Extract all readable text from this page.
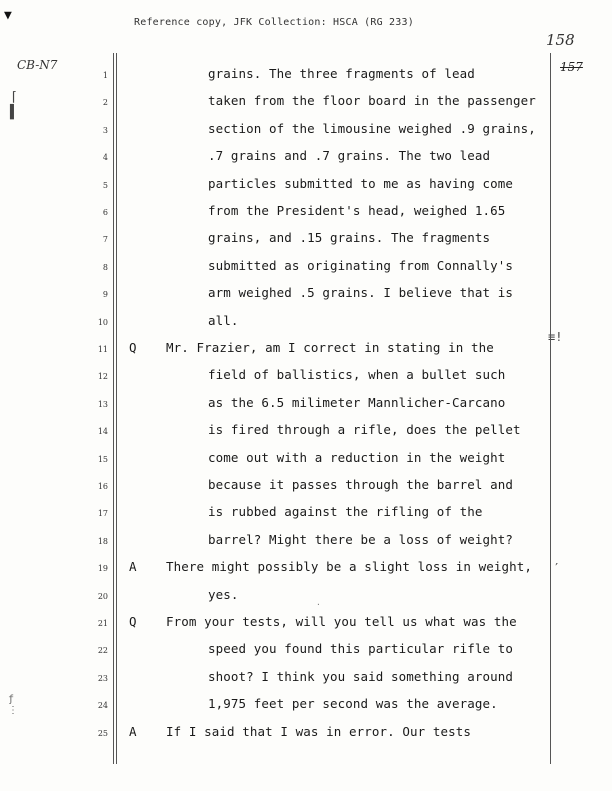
▼	Reference copy, JFK Collection: HSCA (RG 233)
158
157
CB-N7
⌈
▌
≡!
ƒ
⋮
′
·
1	grains. The three fragments of lead
2	taken from the floor board in the passenger
3	section of the limousine weighed .9 grains,
4	.7 grains and .7 grains. The two lead
5	particles submitted to me as having come
6	from the President's head, weighed 1.65
7	grains, and .15 grains. The fragments
8	submitted as originating from Connally's
9	arm weighed .5 grains. I believe that is
10	all.
11 Q Mr. Frazier, am I correct in stating in the
12	field of ballistics, when a bullet such
13	as the 6.5 milimeter Mannlicher-Carcano
14	is fired through a rifle, does the pellet
15	come out with a reduction in the weight
16	because it passes through the barrel and
17	is rubbed against the rifling of the
18	barrel? Might there be a loss of weight?
19 A There might possibly be a slight loss in weight,
20	yes.
21 Q From your tests, will you tell us what was the
22	speed you found this particular rifle to
23	shoot? I think you said something around
24	1,975 feet per second was the average.
25 A If I said that I was in error. Our tests
